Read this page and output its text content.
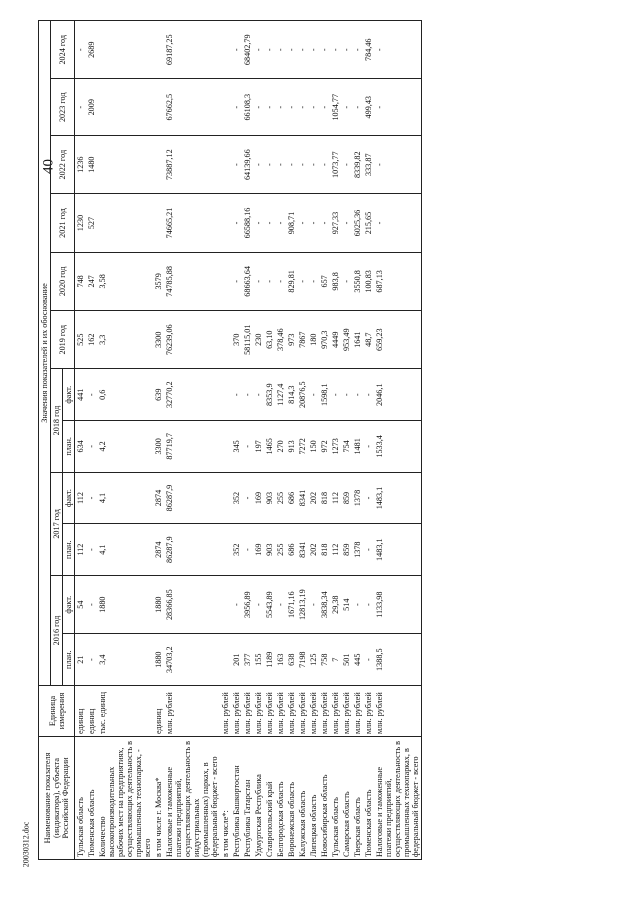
40
20030312.doc
Наименование показателя (индикатора), субъекта Российской Федерации	Единица измерения	Значения показателей и их обоснование											
		2016 год		2017 год		2018 год		2019 год	2020 год	2021 год	2022 год	2023 год	2024 год
		план.	факт.	план.	факт.	план.	факт.						
Тульская область	единиц	21	54	112	112	634	441	525	748	1230	1236	-	-
Тюменская область	единиц	-	-	-	-	-	-	162	247	527	1480	2009	2689
Количество высокопроизводительных рабочих мест на предприятиях, осуществляющих деятельность в промышленных технопарках, - всего	тыс. единиц	3,4	1880	4,1	4,1	4,2	0,6	3,3	3,58				
в том числе г. Москва*	единиц	1880	1880	2874	2874	3300	639	3300	3579				
Налоговые и таможенные платежи предприятий, осуществляющих деятельность в индустриальных (промышленных) парках, в федеральный бюджет - всего	млн. рублей	34703,2	28366,85	86287,9	86287,9	87719,7	32770,2	76239,06	74785,88	74665,21	73887,12	67662,5	69187,25
в том числе*:	млн. рублей												
Республика Башкортостан	млн. рублей	201	-	352	352	345	-	370	-	-	-	-	-
Республика Татарстан	млн. рублей	377	3956,89	-	-	-	-	58115,01	68663,64	66588,16	64139,66	66108,3	68402,79
Удмуртская Республика	млн. рублей	155	-	169	169	197	-	230	-	-	-	-	-
Ставропольский край	млн. рублей	1189	5543,89	903	903	1465	8353,9	63,10	-	-	-	-	-
Белгородская область	млн. рублей	163	-	255	255	270	1127,4	378,46	-	-	-	-	-
Воронежская область	млн. рублей	638	1671,16	686	686	913	814,3	973	829,81	908,71	-	-	-
Калужская область	млн. рублей	7198	12813,19	8341	8341	7272	20876,5	7867	-	-	-	-	-
Липецкая область	млн. рублей	125	-	202	202	150	-	180	-	-	-	-	-
Новосибирская область	млн. рублей	758	3838,34	818	818	972	1598,1	970,3	657	-	-	-	-
Тульская область	млн. рублей	7	29,38	112	112	1273	-	4449	983,8	927,33	1073,77	1054,77	-
Самарская область	млн. рублей	501	514	859	859	754	-	953,49	-	-	-	-	-
Тверская область	млн. рублей	445	-	1378	1378	1481	-	1641	3550,8	6025,36	8339,82	-	-
Тюменская область	млн. рублей	-	-	-	-	-	-	48,7	100,83	215,65	333,87	499,43	784,46
Налоговые и таможенные платежи предприятий, осуществляющих деятельность в промышленных технопарках, в федеральный бюджет - всего	млн. рублей	1388,5	1133,98	1483,1	1483,1	1533,4	2046,1	659,23	687,13	-	-	-	-
